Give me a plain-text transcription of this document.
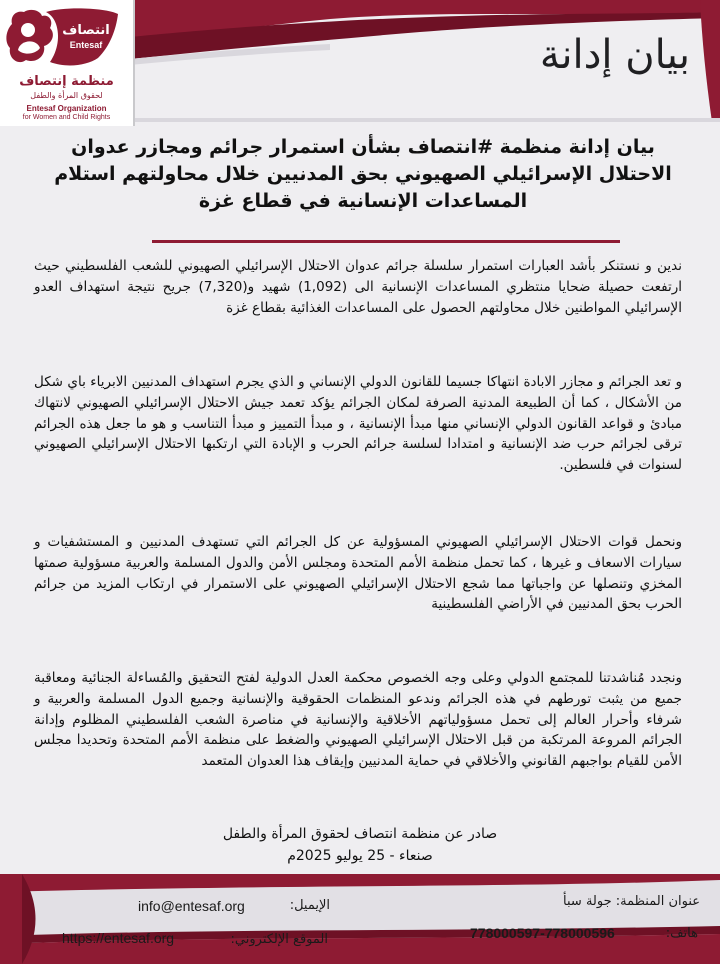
انتصاف
Entesaf
منظمة إنتصاف
لحقوق المرأة والطفل
Entesaf Organization
for Women and Child Rights
بيان إدانة
بيان إدانة منظمة #انتصاف بشأن استمرار جرائم ومجازر عدوان الاحتلال الإسرائيلي الصهيوني بحق المدنيين خلال محاولتهم استلام المساعدات الإنسانية في قطاع غزة
ندين و نستنكر بأشد العبارات استمرار سلسلة جرائم عدوان الاحتلال الإسرائيلي الصهيوني للشعب الفلسطيني حيث ارتفعت حصيلة ضحايا منتظري المساعدات الإنسانية الى (1,092) شهيد و(7,320) جريح نتيجة استهداف العدو الإسرائيلي المواطنين خلال محاولتهم الحصول على المساعدات الغذائية بقطاع غزة
و تعد الجرائم و مجازر الابادة انتهاكا جسيما للقانون الدولي الإنساني و الذي يجرم استهداف المدنيين الابرياء باي شكل من الأشكال ، كما أن الطبيعة المدنية الصرفة لمكان الجرائم يؤكد تعمد جيش الاحتلال الإسرائيلي الصهيوني لانتهاك مبادئ و قواعد القانون الدولي الإنساني منها مبدأ الإنسانية ، و مبدأ التمييز و مبدأ التناسب و هو ما جعل هذه الجرائم ترقى لجرائم حرب ضد الإنسانية و امتدادا لسلسة جرائم الحرب و الإبادة التي ارتكبها الاحتلال الإسرائيلي الصهيوني لسنوات في فلسطين.
ونحمل قوات الاحتلال الإسرائيلي الصهيوني المسؤولية عن كل الجرائم التي تستهدف المدنيين و المستشفيات و سيارات الاسعاف و غيرها ، كما تحمل منظمة الأمم المتحدة ومجلس الأمن والدول المسلمة والعربية مسؤولية صمتها المخزي وتنصلها عن واجباتها مما شجع الاحتلال الإسرائيلي الصهيوني على الاستمرار في ارتكاب المزيد من جرائم الحرب بحق المدنيين في الأراضي الفلسطينية
ونجدد مُناشدتنا للمجتمع الدولي وعلى وجه الخصوص محكمة العدل الدولية لفتح التحقيق والمُساءلة الجنائية ومعاقبة جميع من يثبت تورطهم في هذه الجرائم وندعو المنظمات الحقوقية والإنسانية وجميع الدول المسلمة والعربية و شرفاء وأحرار العالم إلى تحمل مسؤولياتهم الأخلاقية والإنسانية في مناصرة الشعب الفلسطيني المظلوم وإدانة الجرائم المروعة المرتكبة من قبل الاحتلال الإسرائيلي الصهيوني والضغط على منظمة الأمم المتحدة وتحديدا مجلس الأمن للقيام بواجبهم القانوني والأخلاقي في حماية المدنيين وإيقاف هذا العدوان المتعمد
صادر عن منظمة انتصاف لحقوق المرأة والطفل
صنعاء - 25 يوليو 2025م
الإيميل:
info@entesaf.org
الموقع الإلكتروني:
https://entesaf.org
عنوان المنظمة: جولة سبأ
هاتف:
778000597-778000596
